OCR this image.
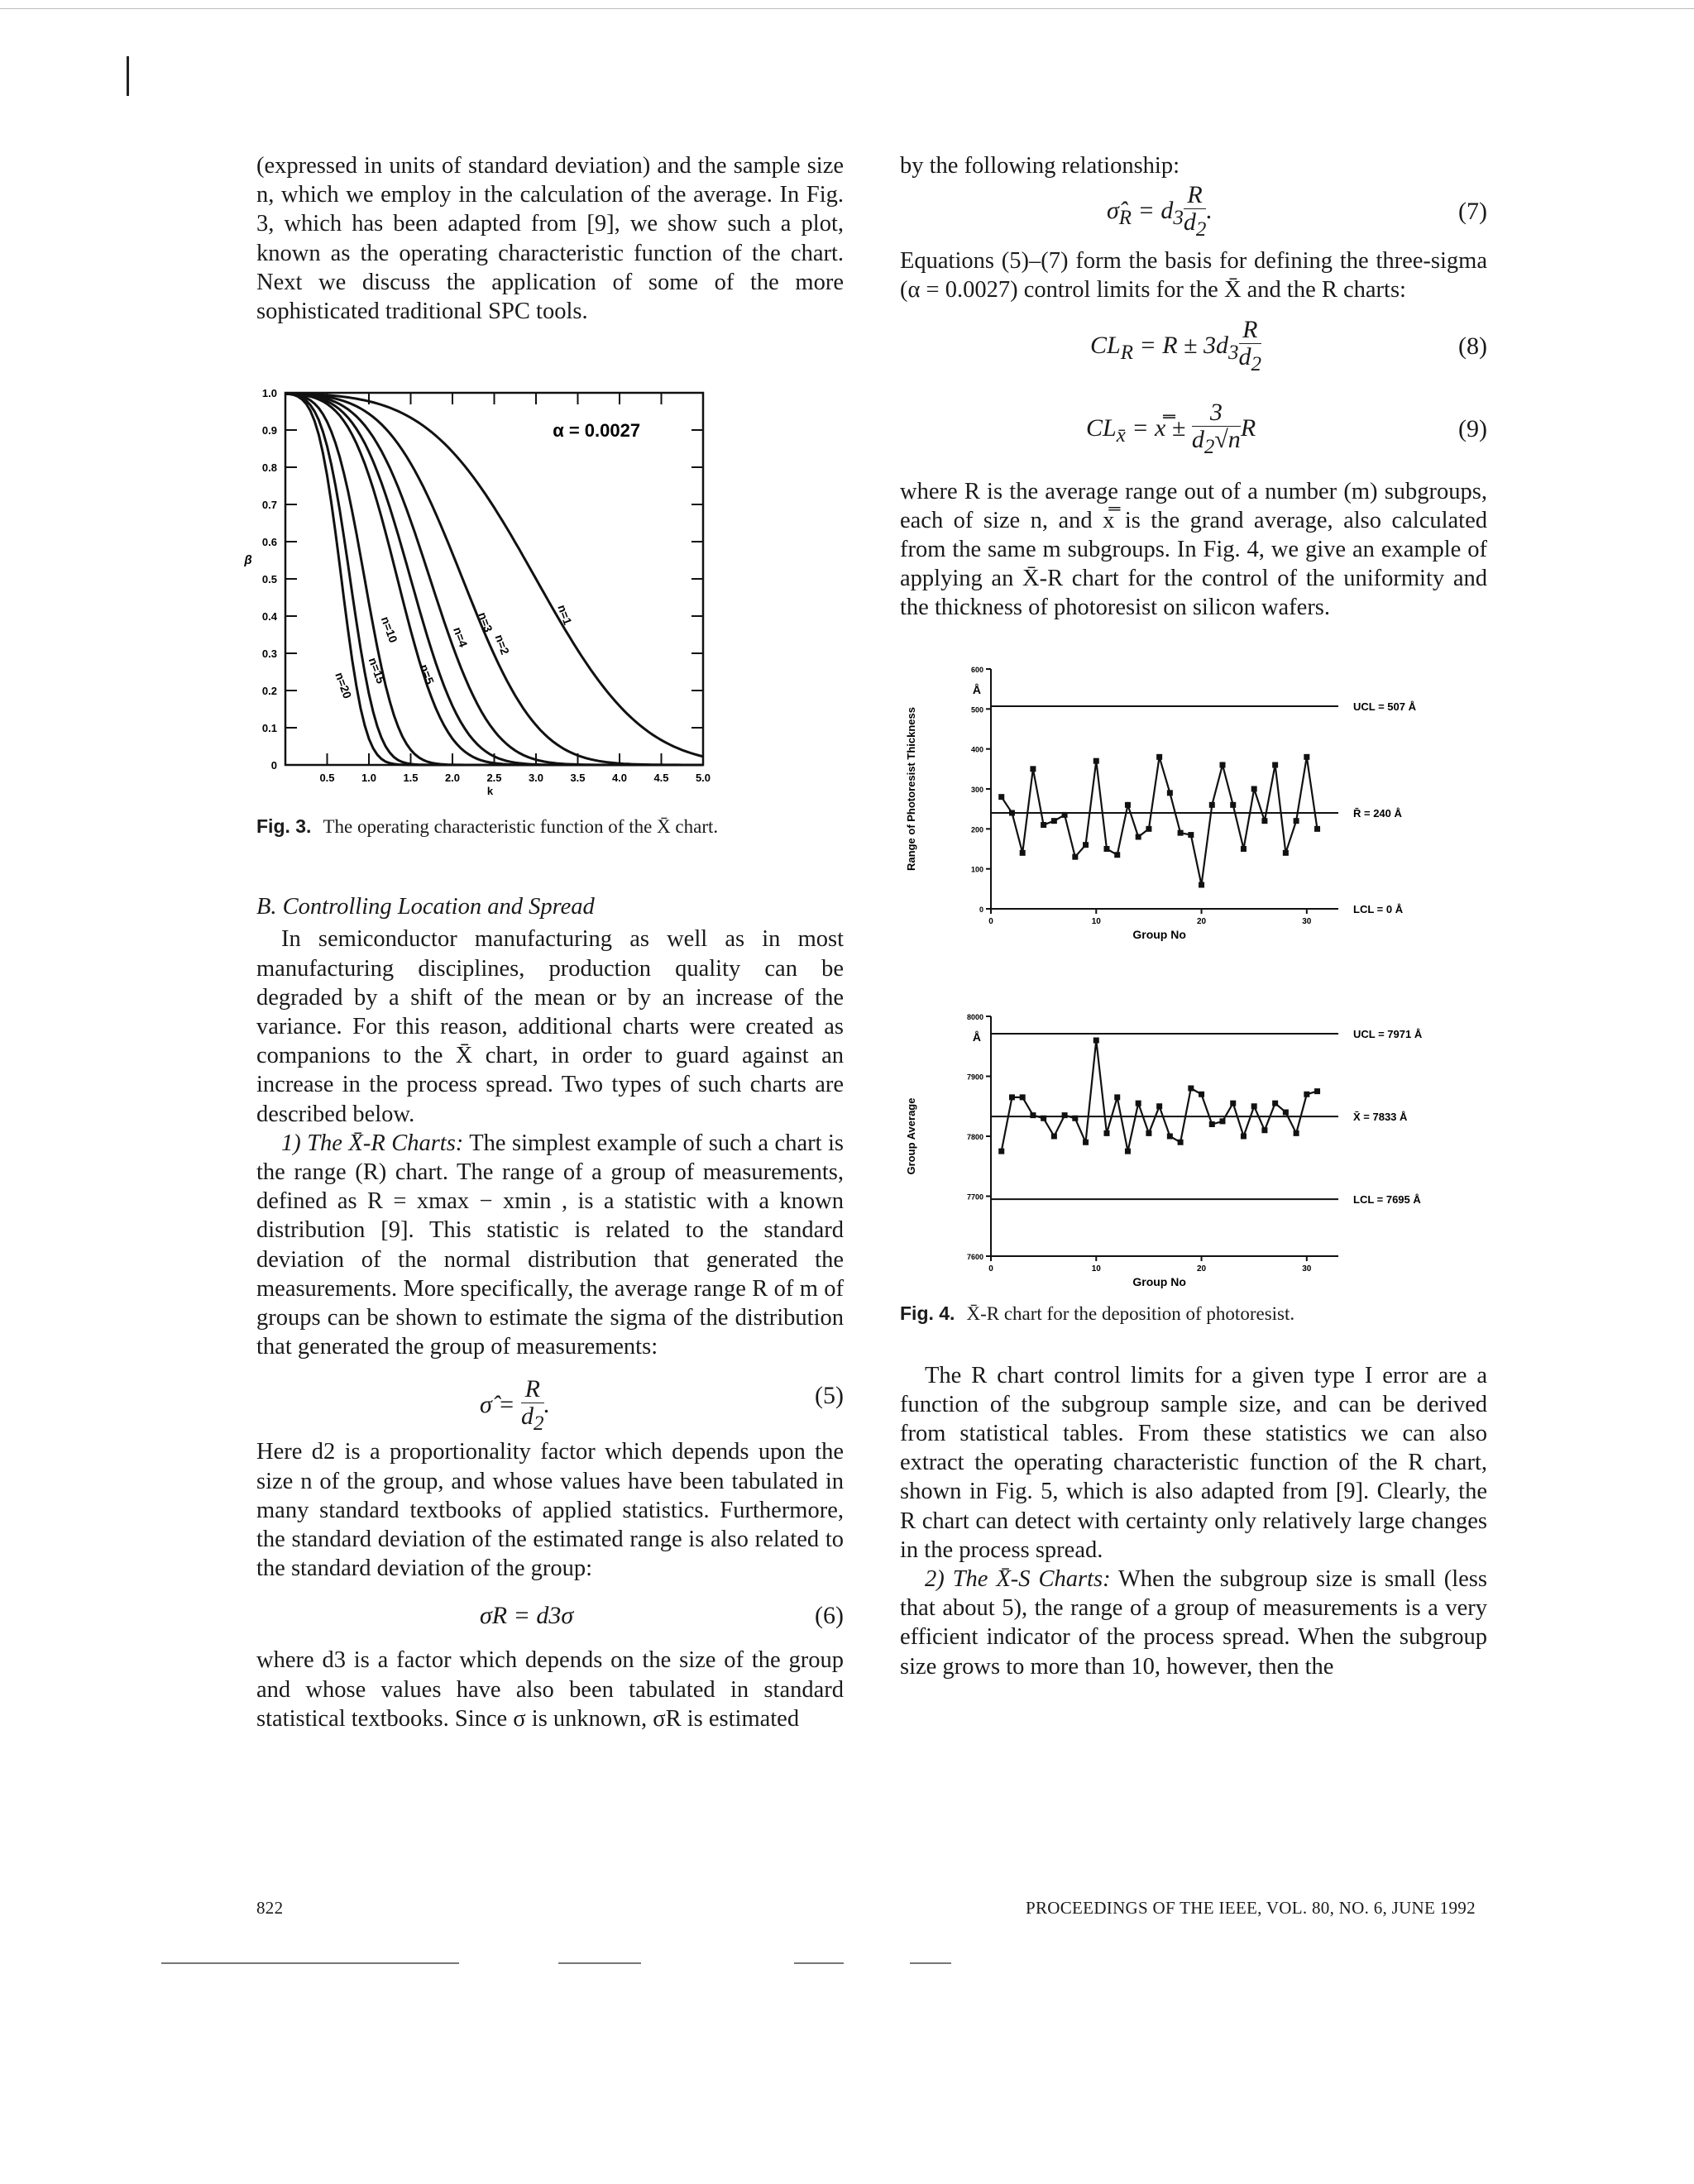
(expressed in units of standard deviation) and the sample size n, which we employ in the calculation of the average. In Fig. 3, which has been adapted from [9], we show such a plot, known as the operating characteristic function of the chart. Next we discuss the application of some of the more sophisticated traditional SPC tools.

0
0.1
0.2
0.3
0.4
0.5
0.6
0.7
0.8
0.9
1.0
0.5 1.0 1.5 2.0 2.5 3.0 3.5 4.0 4.5 5.0
k
β
α = 0.0027
n=1
n=2
n=3
n=4
n=5
n=10
n=15
n=20

Fig. 3. The operating characteristic function of the X̄ chart.

B. Controlling Location and Spread

In semiconductor manufacturing as well as in most manufacturing disciplines, production quality can be degraded by a shift of the mean or by an increase of the variance. For this reason, additional charts were created as companions to the X̄ chart, in order to guard against an increase in the process spread. Two types of such charts are described below.

1) The X̄-R Charts: The simplest example of such a chart is the range (R) chart. The range of a group of measurements, defined as R = xmax − xmin , is a statistic with a known distribution [9]. This statistic is related to the standard deviation of the normal distribution that generated the measurements. More specifically, the average range R of m of groups can be shown to estimate the sigma of the distribution that generated the group of measurements:

σ̂ = $\frac{R}{d_2}$ .	(5)

Here d2 is a proportionality factor which depends upon the size n of the group, and whose values have been tabulated in many standard textbooks of applied statistics. Furthermore, the standard deviation of the estimated range is also related to the standard deviation of the group:

σR = d3σ	(6)

where d3 is a factor which depends on the size of the group and whose values have also been tabulated in standard statistical textbooks. Since σ is unknown, σR is estimated

by the following relationship:

$\sigmâ_R = d_3 \frac{R}{d_2}$ .	(7)

Equations (5)–(7) form the basis for defining the three-sigma (α = 0.0027) control limits for the X̄ and the R charts:

$CL_R = R \pm 3d_3 \frac{R}{d_2}$	(8)
$CL_{x̄}$ = x̿ ± $\frac{3}{d_2√n}$ R	(9)

where R is the average range out of a number (m) subgroups, each of size n, and x̿ is the grand average, also calculated from the same m subgroups. In Fig. 4, we give an example of applying an X̄-R chart for the control of the uniformity and the thickness of photoresist on silicon wafers.

0
100
200
300
400
500
600
0	10	20	30
Group No
Å
Range of Photoresist Thickness
UCL = 507 Å
R̄ = 240 Å
LCL = 0 Å
7600
7700
7800
7900
8000
0	10	20	30
Group No
Å
Group Average
UCL = 7971 Å
X̄ = 7833 Å
LCL = 7695 Å

Fig. 4. X̄-R chart for the deposition of photoresist.

The R chart control limits for a given type I error are a function of the subgroup sample size, and can be derived from statistical tables. From these statistics we can also extract the operating characteristic function of the R chart, shown in Fig. 5, which is also adapted from [9]. Clearly, the R chart can detect with certainty only relatively large changes in the process spread.

2) The X̄-S Charts: When the subgroup size is small (less that about 5), the range of a group of measurements is a very efficient indicator of the process spread. When the subgroup size grows to more than 10, however, then the

822	PROCEEDINGS OF THE IEEE, VOL. 80, NO. 6, JUNE 1992
